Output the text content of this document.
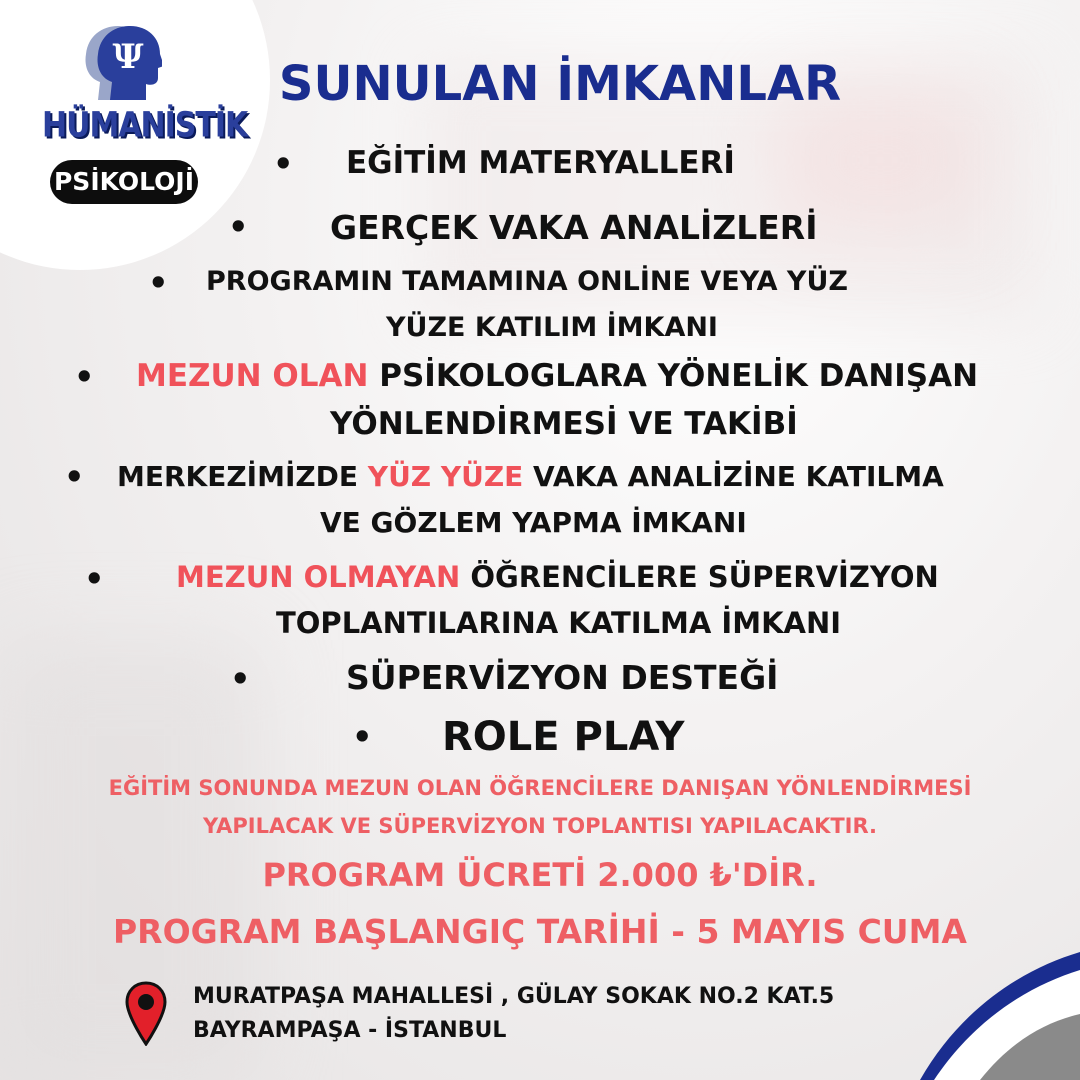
Ψ
HÜMANİSTİK
PSİKOLOJİ
SUNULAN İMKANLAR
• EĞİTİM MATERYALLERİ
• GERÇEK VAKA ANALİZLERİ
• PROGRAMIN TAMAMINA ONLİNE VEYA YÜZ
YÜZE KATILIM İMKANI
• MEZUN OLAN PSİKOLOGLARA YÖNELİK DANIŞAN
YÖNLENDİRMESİ VE TAKİBİ
• MERKEZİMİZDE YÜZ YÜZE VAKA ANALİZİNE KATILMA
VE GÖZLEM YAPMA İMKANI
• MEZUN OLMAYAN ÖĞRENCİLERE SÜPERVİZYON
TOPLANTILARINA KATILMA İMKANI
•	SÜPERVİZYON DESTEĞİ
• ROLE PLAY
EĞİTİM SONUNDA MEZUN OLAN ÖĞRENCİLERE DANIŞAN YÖNLENDİRMESİ
YAPILACAK VE SÜPERVİZYON TOPLANTISI YAPILACAKTIR.
PROGRAM ÜCRETİ 2.000 ₺'DİR.
PROGRAM BAŞLANGIÇ TARİHİ - 5 MAYIS CUMA
MURATPAŞA MAHALLESİ , GÜLAY SOKAK NO.2 KAT.5
BAYRAMPAŞA - İSTANBUL
